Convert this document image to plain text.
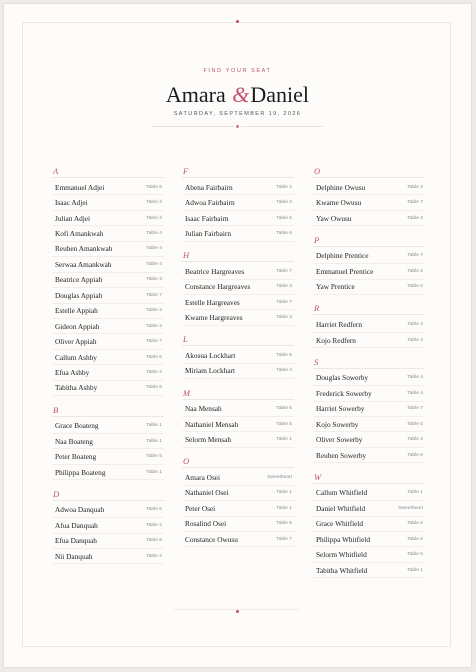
FIND YOUR SEAT
Amara &Daniel
SATURDAY, SEPTEMBER 19, 2026
A
Emmanuel Adjei	Table 6
Isaac Adjei	Table 2
Julian Adjei	Table 2
Kofi Amankwah	Table 4
Reuben Amankwah	Table 4
Serwaa Amankwah	Table 4
Beatrice Appiah	Table 3
Douglas Appiah	Table 7
Estelle Appiah	Table 3
Gideon Appiah	Table 3
Oliver Appiah	Table 7
Callum Ashby	Table 6
Efua Ashby	Table 2
Tabitha Ashby	Table 6
B
Grace Boateng	Table 1
Naa Boateng	Table 1
Peter Boateng	Table 5
Philippa Boateng	Table 1
D
Adwoa Danquah	Table 6
Afua Danquah	Table 2
Efua Danquah	Table 6
Nii Danquah	Table 2
F
Abena Fairbairn	Table 2
Adwoa Fairbairn	Table 2
Isaac Fairbairn	Table 6
Julian Fairbairn	Table 6
H
Beatrice Hargreaves	Table 7
Constance Hargreaves	Table 3
Estelle Hargreaves	Table 7
Kwame Hargreaves	Table 3
L
Akosua Lockhart	Table 5
Miriam Lockhart	Table 4
M
Naa Mensah	Table 5
Nathaniel Mensah	Table 5
Selorm Mensah	Table 1
O
Amara Osei	Sweetheart
Nathaniel Osei	Table 1
Peter Osei	Table 1
Rosalind Osei	Table 5
Constance Owusu	Table 7
O
Delphine Owusu	Table 3
Kwame Owusu	Table 7
Yaw Owusu	Table 3
P
Delphine Prentice	Table 7
Emmanuel Prentice	Table 2
Yaw Prentice	Table 6
R
Harriet Redfern	Table 4
Kojo Redfern	Table 4
S
Douglas Sowerby	Table 4
Frederick Sowerby	Table 4
Harriet Sowerby	Table 7
Kojo Sowerby	Table 6
Oliver Sowerby	Table 3
Reuben Sowerby	Table 6
W
Callum Whitfield	Table 1
Daniel Whitfield	Sweetheart
Grace Whitfield	Table 5
Philippa Whitfield	Table 5
Selorm Whitfield	Table 5
Tabitha Whitfield	Table 1
